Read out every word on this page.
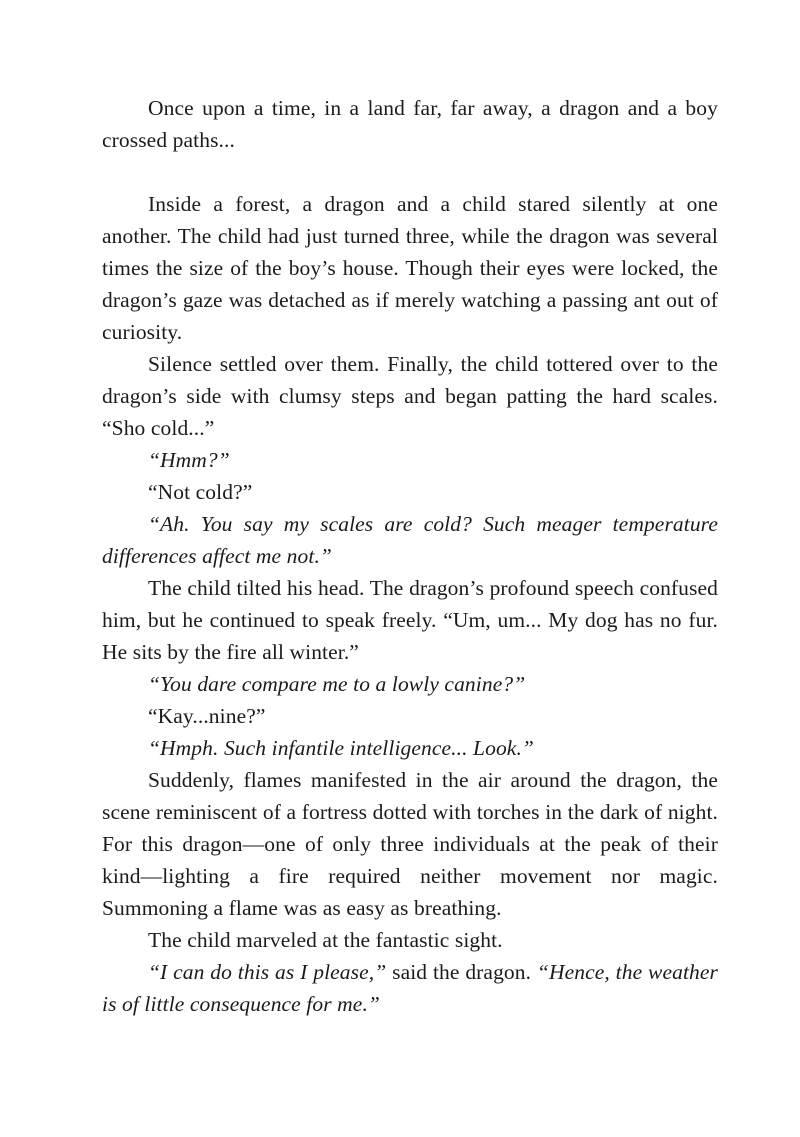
Once upon a time, in a land far, far away, a dragon and a boy crossed paths...

Inside a forest, a dragon and a child stared silently at one another. The child had just turned three, while the dragon was several times the size of the boy’s house. Though their eyes were locked, the dragon’s gaze was detached as if merely watching a passing ant out of curiosity.

Silence settled over them. Finally, the child tottered over to the dragon’s side with clumsy steps and began patting the hard scales. “Sho cold...”

“Hmm?”

“Not cold?”

“Ah. You say my scales are cold? Such meager temperature differences affect me not.”

The child tilted his head. The dragon’s profound speech confused him, but he continued to speak freely. “Um, um... My dog has no fur. He sits by the fire all winter.”

“You dare compare me to a lowly canine?”

“Kay...nine?”

“Hmph. Such infantile intelligence... Look.”

Suddenly, flames manifested in the air around the dragon, the scene reminiscent of a fortress dotted with torches in the dark of night. For this dragon—one of only three individuals at the peak of their kind—lighting a fire required neither movement nor magic. Summoning a flame was as easy as breathing.

The child marveled at the fantastic sight.

“I can do this as I please,” said the dragon. “Hence, the weather is of little consequence for me.”
